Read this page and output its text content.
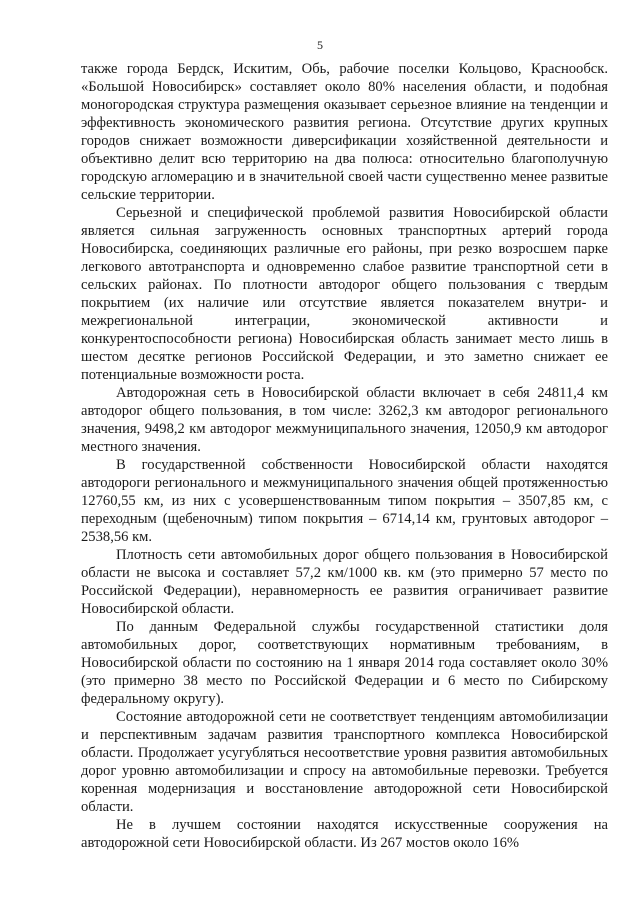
5

также города Бердск, Искитим, Обь, рабочие поселки Кольцово, Краснообск. «Большой Новосибирск» составляет около 80% населения области, и подобная моногородская структура размещения оказывает серьезное влияние на тенденции и эффективность экономического развития региона. Отсутствие других крупных городов снижает возможности диверсификации хозяйственной деятельности и объективно делит всю территорию на два полюса: относительно благополучную городскую агломерацию и в значительной своей части существенно менее развитые сельские территории.

Серьезной и специфической проблемой развития Новосибирской области является сильная загруженность основных транспортных артерий города Новосибирска, соединяющих различные его районы, при резко возросшем парке легкового автотранспорта и одновременно слабое развитие транспортной сети в сельских районах. По плотности автодорог общего пользования с твердым покрытием (их наличие или отсутствие является показателем внутри- и межрегиональной интеграции, экономической активности и конкурентоспособности региона) Новосибирская область занимает место лишь в шестом десятке регионов Российской Федерации, и это заметно снижает ее потенциальные возможности роста.

Автодорожная сеть в Новосибирской области включает в себя 24811,4 км автодорог общего пользования, в том числе: 3262,3 км автодорог регионального значения, 9498,2 км автодорог межмуниципального значения, 12050,9 км автодорог местного значения.

В государственной собственности Новосибирской области находятся автодороги регионального и межмуниципального значения общей протяженностью 12760,55 км, из них с усовершенствованным типом покрытия – 3507,85 км, с переходным (щебеночным) типом покрытия – 6714,14 км, грунтовых автодорог – 2538,56 км.

Плотность сети автомобильных дорог общего пользования в Новосибирской области не высока и составляет 57,2 км/1000 кв. км (это примерно 57 место по Российской Федерации), неравномерность ее развития ограничивает развитие Новосибирской области.

По данным Федеральной службы государственной статистики доля автомобильных дорог, соответствующих нормативным требованиям, в Новосибирской области по состоянию на 1 января 2014 года составляет около 30% (это примерно 38 место по Российской Федерации и 6 место по Сибирскому федеральному округу).

Состояние автодорожной сети не соответствует тенденциям автомобилизации и перспективным задачам развития транспортного комплекса Новосибирской области. Продолжает усугубляться несоответствие уровня развития автомобильных дорог уровню автомобилизации и спросу на автомобильные перевозки. Требуется коренная модернизация и восстановление автодорожной сети Новосибирской области.

Не в лучшем состоянии находятся искусственные сооружения на автодорожной сети Новосибирской области. Из 267 мостов около 16%
